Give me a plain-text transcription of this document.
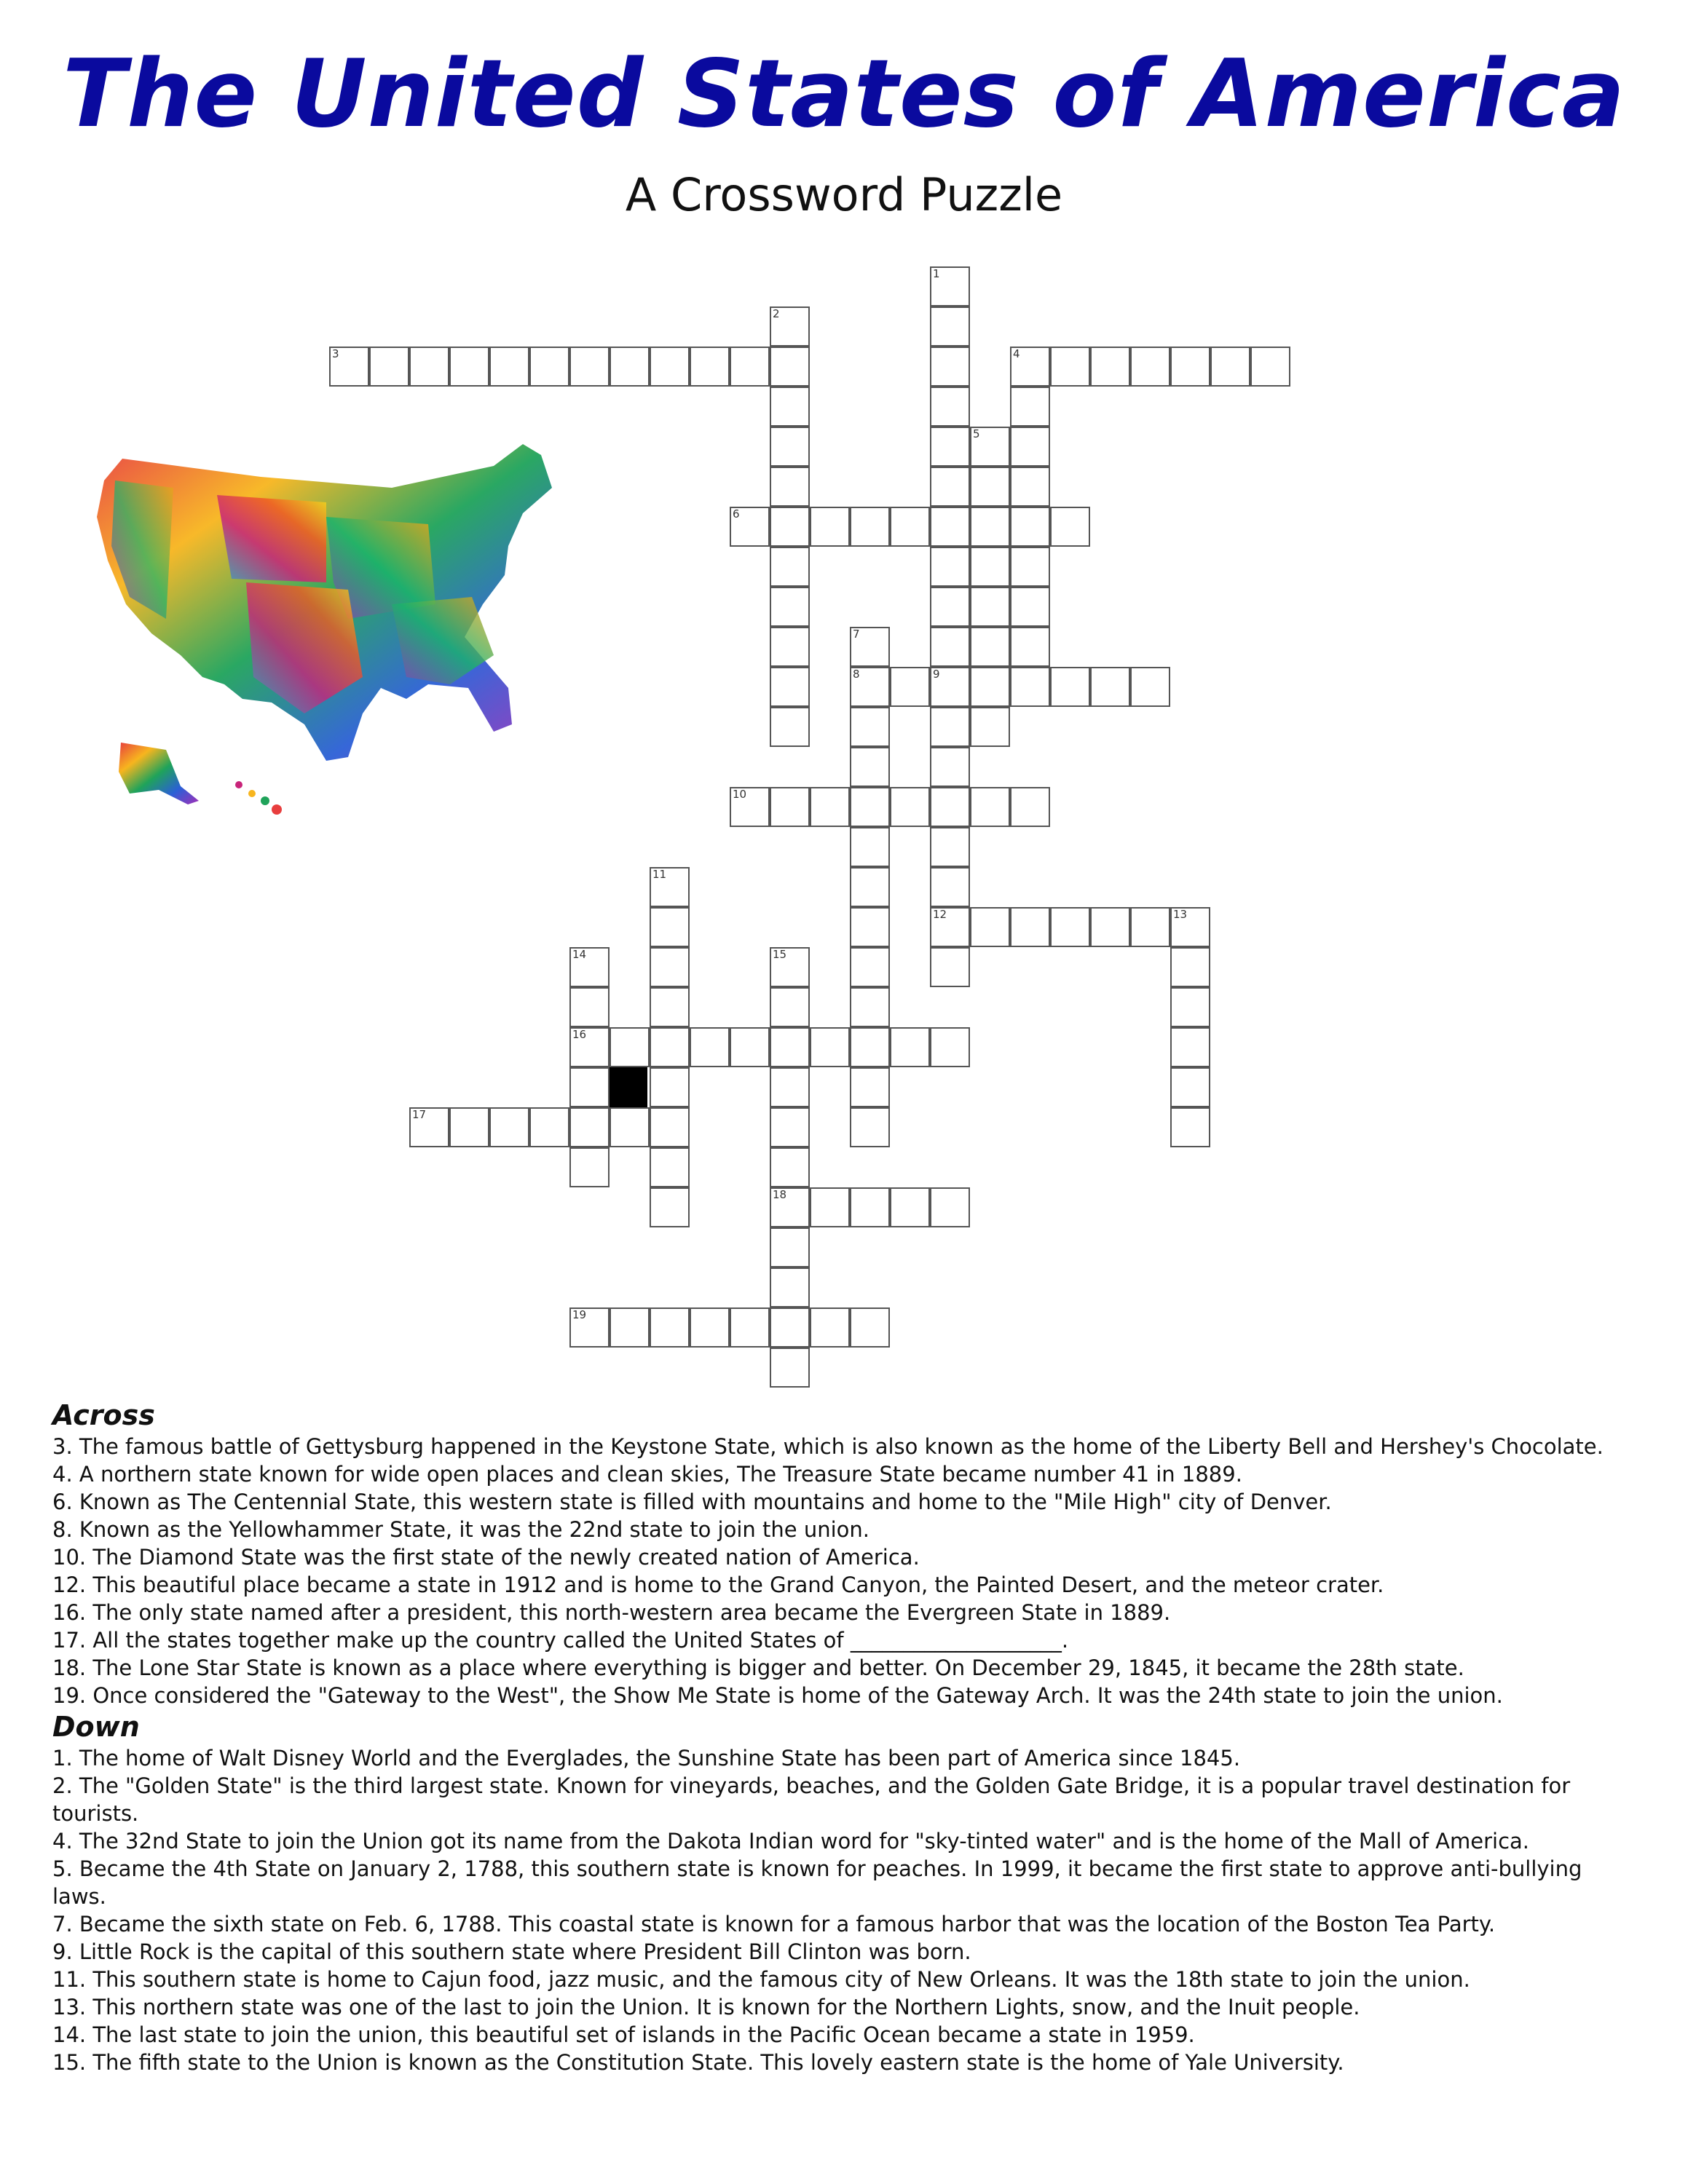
The United States of America
A Crossword Puzzle
1
9
2
3	4
5
6
7
8
12
10
11
13
14
16
15
18
17
19
Across

3. The famous battle of Gettysburg happened in the Keystone State, which is also known as the home of the Liberty Bell and Hershey's Chocolate.

4. A northern state known for wide open places and clean skies, The Treasure State became number 41 in 1889.

6. Known as The Centennial State, this western state is filled with mountains and home to the "Mile High" city of Denver.

8. Known as the Yellowhammer State, it was the 22nd state to join the union.

10. The Diamond State was the first state of the newly created nation of America.

12. This beautiful place became a state in 1912 and is home to the Grand Canyon, the Painted Desert, and the meteor crater.

16. The only state named after a president, this north-western area became the Evergreen State in 1889.

17. All the states together make up the country called the United States of ____________________.

18. The Lone Star State is known as a place where everything is bigger and better. On December 29, 1845, it became the 28th state.

19. Once considered the "Gateway to the West", the Show Me State is home of the Gateway Arch. It was the 24th state to join the union.

Down

1. The home of Walt Disney World and the Everglades, the Sunshine State has been part of America since 1845.

2. The "Golden State" is the third largest state. Known for vineyards, beaches, and the Golden Gate Bridge, it is a popular travel destination for tourists.

4. The 32nd State to join the Union got its name from the Dakota Indian word for "sky-tinted water" and is the home of the Mall of America.

5. Became the 4th State on January 2, 1788, this southern state is known for peaches. In 1999, it became the first state to approve anti-bullying laws.

7. Became the sixth state on Feb. 6, 1788. This coastal state is known for a famous harbor that was the location of the Boston Tea Party.

9. Little Rock is the capital of this southern state where President Bill Clinton was born.

11. This southern state is home to Cajun food, jazz music, and the famous city of New Orleans. It was the 18th state to join the union.

13. This northern state was one of the last to join the Union. It is known for the Northern Lights, snow, and the Inuit people.

14. The last state to join the union, this beautiful set of islands in the Pacific Ocean became a state in 1959.

15. The fifth state to the Union is known as the Constitution State. This lovely eastern state is the home of Yale University.
